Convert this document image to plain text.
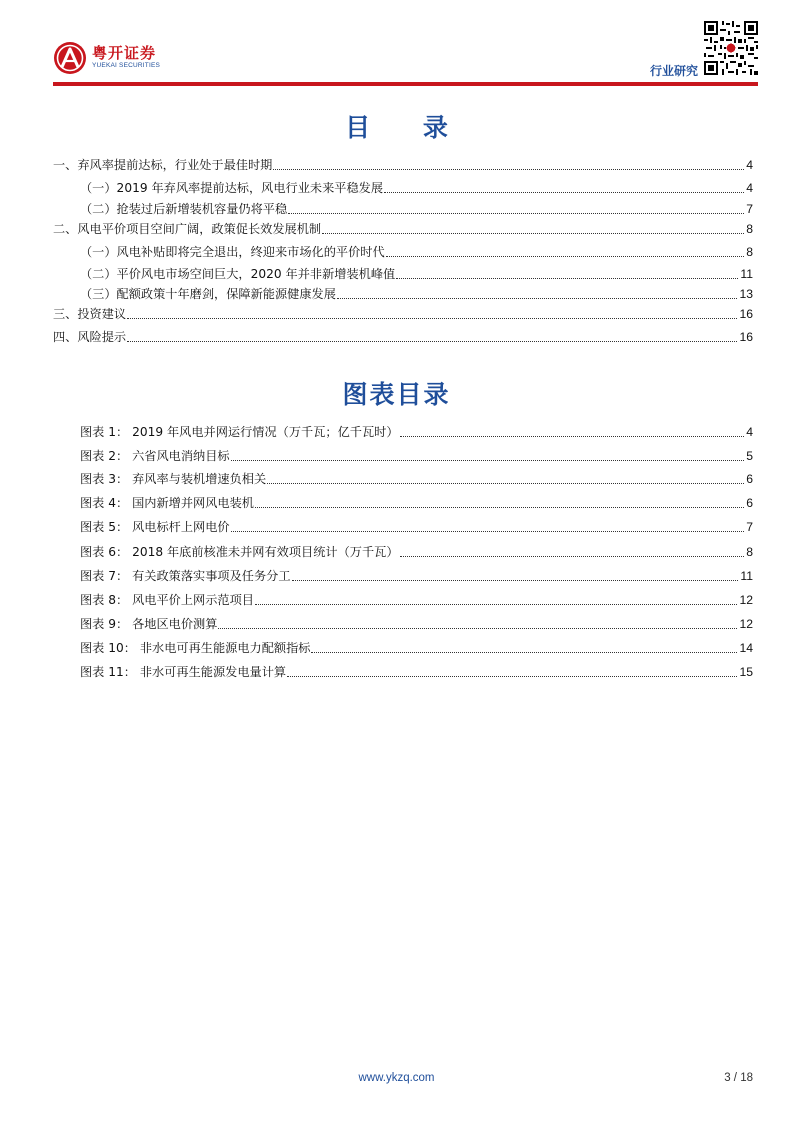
粤开证券
YUEKAI SECURITIES	行业研究
目 录
一、弃风率提前达标，行业处于最佳时期	4
（一）2019 年弃风率提前达标，风电行业未来平稳发展	4
（二）抢装过后新增装机容量仍将平稳	7
二、风电平价项目空间广阔，政策促长效发展机制	8
（一）风电补贴即将完全退出，终迎来市场化的平价时代	8
（二）平价风电市场空间巨大，2020 年并非新增装机峰值	11
（三）配额政策十年磨剑，保障新能源健康发展	13
三、投资建议	16
四、风险提示	16
图表目录
图表 1： 2019 年风电并网运行情况（万千瓦；亿千瓦时）	4
图表 2： 六省风电消纳目标	5
图表 3： 弃风率与装机增速负相关	6
图表 4： 国内新增并网风电装机	6
图表 5： 风电标杆上网电价	7
图表 6： 2018 年底前核准未并网有效项目统计（万千瓦）	8
图表 7： 有关政策落实事项及任务分工	11
图表 8： 风电平价上网示范项目	12
图表 9： 各地区电价测算	12
图表 10： 非水电可再生能源电力配额指标	14
图表 11： 非水可再生能源发电量计算	15
www.ykzq.com	3 / 18
